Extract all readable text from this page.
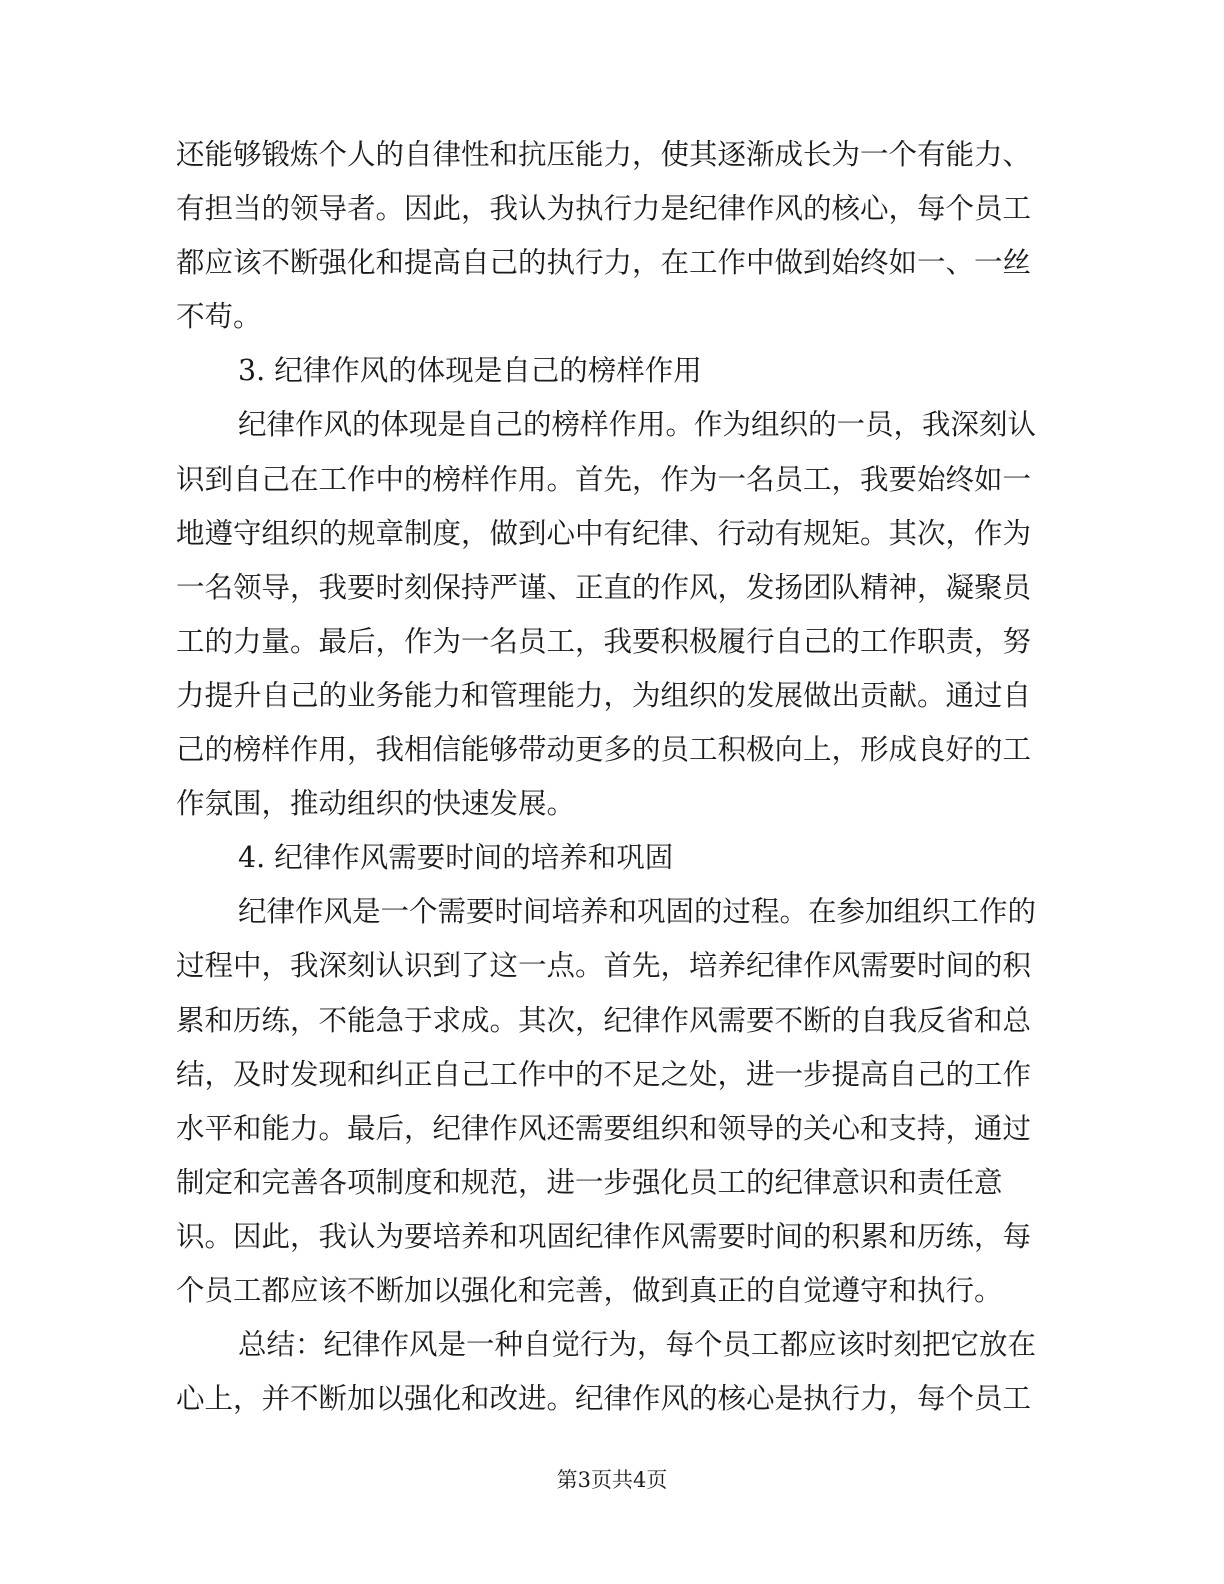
还能够锻炼个人的自律性和抗压能力，使其逐渐成长为一个有能力、
有担当的领导者。因此，我认为执行力是纪律作风的核心，每个员工
都应该不断强化和提高自己的执行力，在工作中做到始终如一、一丝
不苟。
3. 纪律作风的体现是自己的榜样作用
纪律作风的体现是自己的榜样作用。作为组织的一员，我深刻认
识到自己在工作中的榜样作用。首先，作为一名员工，我要始终如一
地遵守组织的规章制度，做到心中有纪律、行动有规矩。其次，作为
一名领导，我要时刻保持严谨、正直的作风，发扬团队精神，凝聚员
工的力量。最后，作为一名员工，我要积极履行自己的工作职责，努
力提升自己的业务能力和管理能力，为组织的发展做出贡献。通过自
己的榜样作用，我相信能够带动更多的员工积极向上，形成良好的工
作氛围，推动组织的快速发展。
4. 纪律作风需要时间的培养和巩固
纪律作风是一个需要时间培养和巩固的过程。在参加组织工作的
过程中，我深刻认识到了这一点。首先，培养纪律作风需要时间的积
累和历练，不能急于求成。其次，纪律作风需要不断的自我反省和总
结，及时发现和纠正自己工作中的不足之处，进一步提高自己的工作
水平和能力。最后，纪律作风还需要组织和领导的关心和支持，通过
制定和完善各项制度和规范，进一步强化员工的纪律意识和责任意
识。因此，我认为要培养和巩固纪律作风需要时间的积累和历练，每
个员工都应该不断加以强化和完善，做到真正的自觉遵守和执行。
总结：纪律作风是一种自觉行为，每个员工都应该时刻把它放在
心上，并不断加以强化和改进。纪律作风的核心是执行力，每个员工
第3页共4页
